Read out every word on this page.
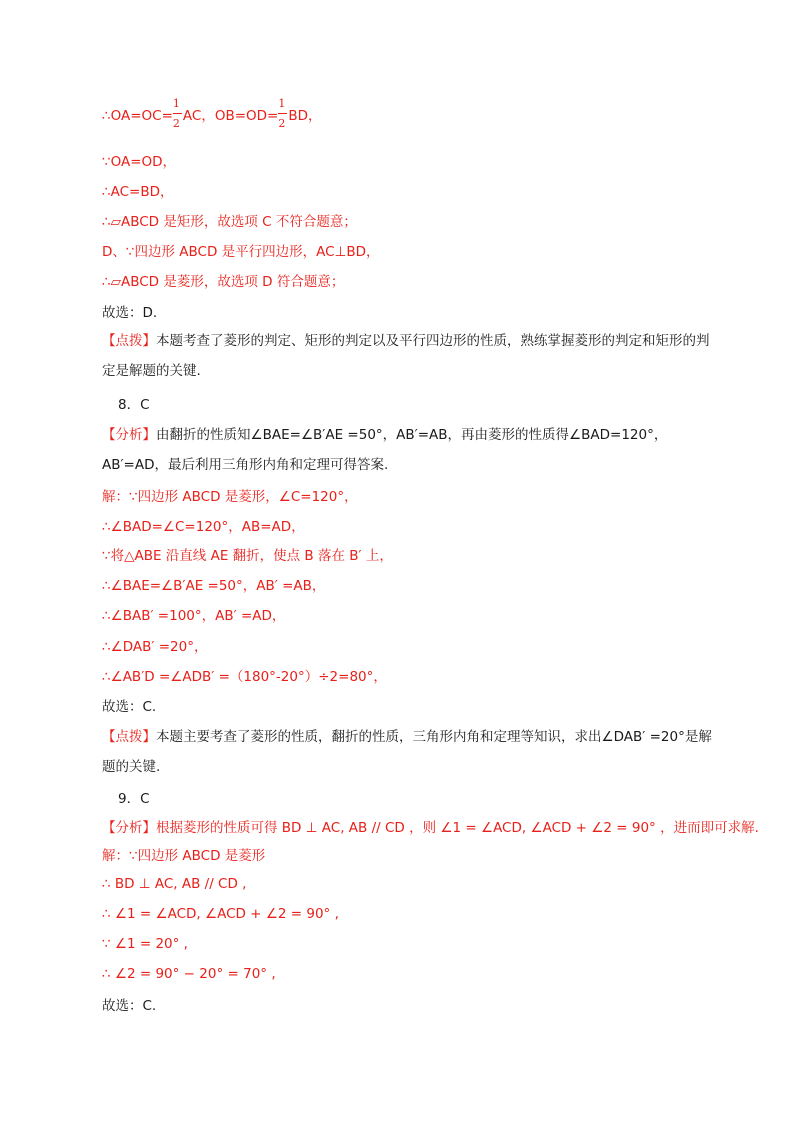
∴OA=OC= $\frac{1}{2}$ AC，$OB=OD= \frac{1}{2}$ BD，
∵OA=OD，
∴AC=BD，
∴▱ABCD 是矩形，故选项 C 不符合题意；
D、∵四边形 ABCD 是平行四边形，AC⊥BD，
∴▱ABCD 是菱形，故选项 D 符合题意；
故选：D.
【点拨】本题考查了菱形的判定、矩形的判定以及平行四边形的性质，熟练掌握菱形的判定和矩形的判定是解题的关键.
8．C
【分析】由翻折的性质知∠BAE=∠B′AE =50°，AB′=AB，再由菱形的性质得∠BAD=120°，AB′=AD，最后利用三角形内角和定理可得答案.
解：∵四边形 ABCD 是菱形，∠C=120°，
∴∠BAD=∠C=120°，AB=AD，
∵将△ABE 沿直线 AE 翻折，使点 B 落在 B′ 上，
∴∠BAE=∠B′AE =50°，AB′ =AB，
∴∠BAB′ =100°，AB′ =AD，
∴∠DAB′ =20°，
∴∠AB′D =∠ADB′ =（180°-20°）÷2=80°，
故选：C.
【点拨】本题主要考查了菱形的性质，翻折的性质，三角形内角和定理等知识，求出∠DAB′ =20°是解题的关键.
9．C
【分析】根据菱形的性质可得 BD ⊥ AC, AB // CD ，则 ∠1 = ∠ACD, ∠ACD + ∠2 = 90° ，进而即可求解.
解：∵四边形 ABCD 是菱形
∴ BD ⊥ AC, AB // CD ,
∴ ∠1 = ∠ACD, ∠ACD + ∠2 = 90° ,
∵ ∠1 = 20° ,
∴ ∠2 = 90° − 20° = 70° ,
故选：C.
